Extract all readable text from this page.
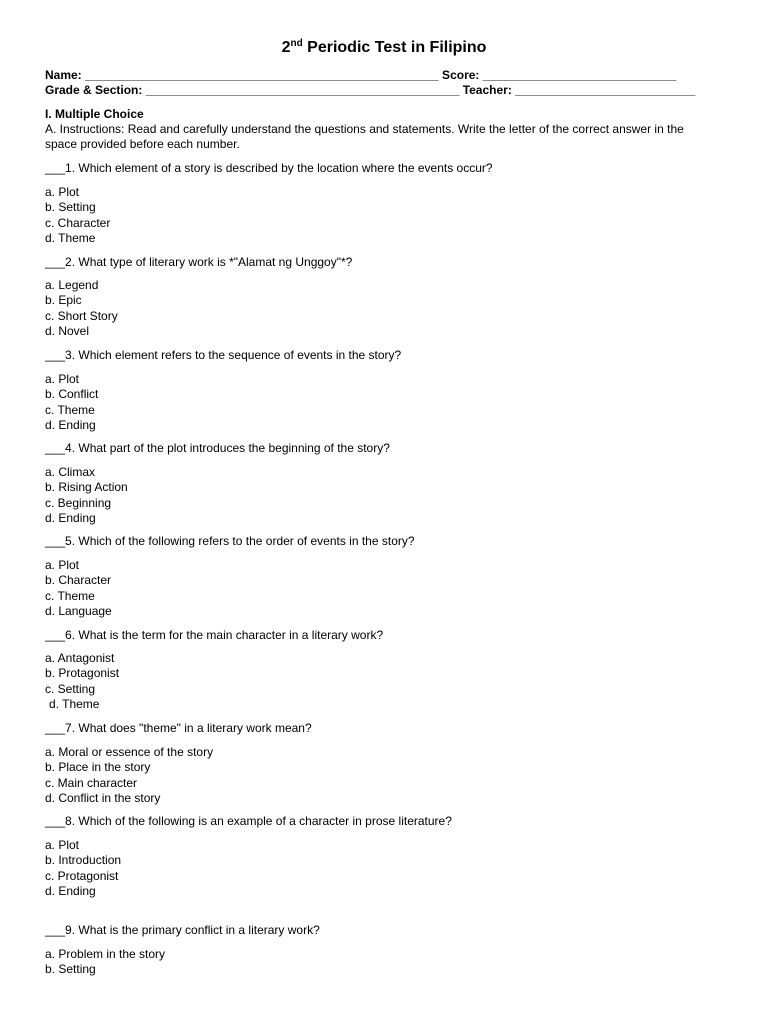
2nd Periodic Test in Filipino
Name: _____________________________________________________ Score: _____________________________
Grade & Section: _______________________________________________ Teacher: ___________________________
I. Multiple Choice
A. Instructions: Read and carefully understand the questions and statements. Write the letter of the correct answer in the space provided before each number.
___1. Which element of a story is described by the location where the events occur?
a. Plot
b. Setting
c. Character
d. Theme
___2. What type of literary work is *"Alamat ng Unggoy"*?
a. Legend
b. Epic
c. Short Story
d. Novel
___3. Which element refers to the sequence of events in the story?
a. Plot
b. Conflict
c. Theme
d. Ending
___4. What part of the plot introduces the beginning of the story?
a. Climax
b. Rising Action
c. Beginning
d. Ending
___5. Which of the following refers to the order of events in the story?
a. Plot
b. Character
c. Theme
d. Language
___6. What is the term for the main character in a literary work?
a. Antagonist
b. Protagonist
c. Setting
d. Theme
___7. What does "theme" in a literary work mean?
a. Moral or essence of the story
b. Place in the story
c. Main character
d. Conflict in the story
___8. Which of the following is an example of a character in prose literature?
a. Plot
b. Introduction
c. Protagonist
d. Ending
___9. What is the primary conflict in a literary work?
a. Problem in the story
b. Setting
